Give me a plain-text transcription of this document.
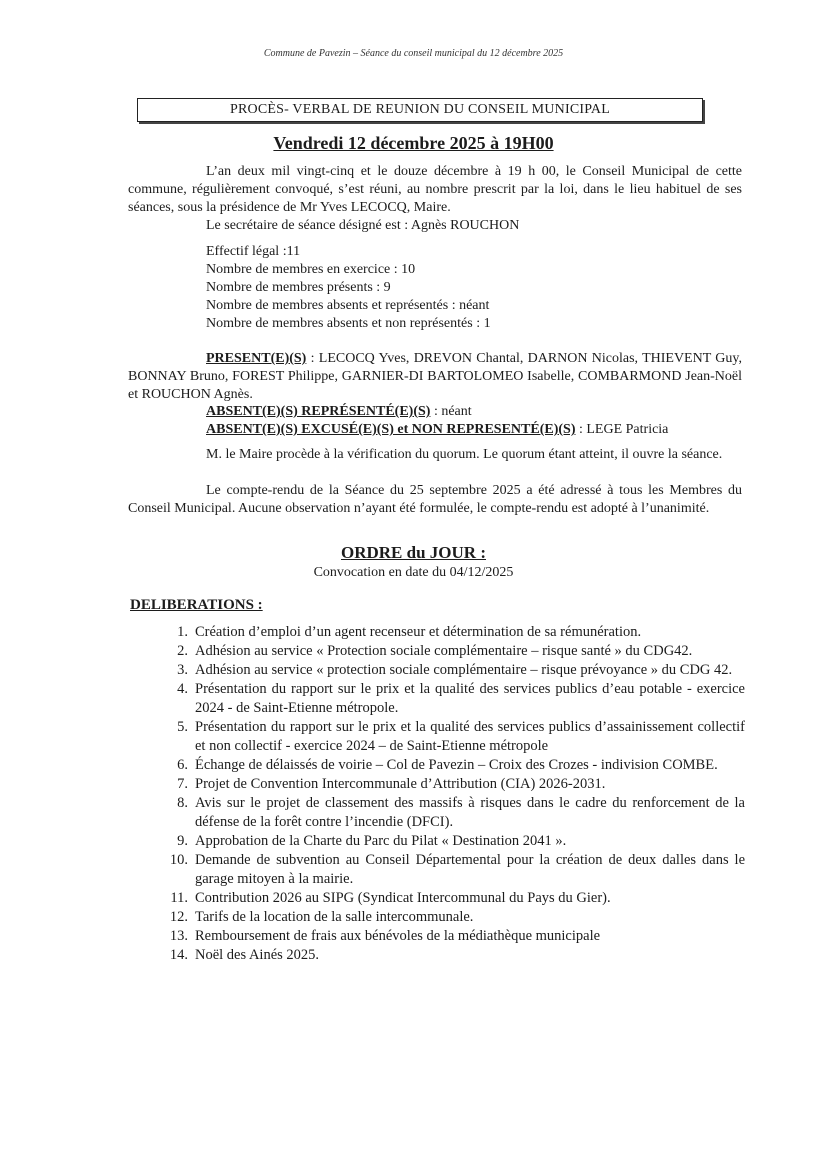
Commune de Pavezin – Séance du conseil municipal du 12 décembre 2025
PROCÈS- VERBAL DE REUNION DU CONSEIL MUNICIPAL
Vendredi 12 décembre 2025 à 19H00
L’an deux mil vingt-cinq et le douze décembre à 19 h 00, le Conseil Municipal de cette commune, régulièrement convoqué, s’est réuni, au nombre prescrit par la loi, dans le lieu habituel de ses séances, sous la présidence de Mr Yves LECOCQ, Maire.
Le secrétaire de séance désigné est : Agnès ROUCHON
Effectif légal :11
Nombre de membres en exercice : 10
Nombre de membres présents : 9
Nombre de membres absents et représentés : néant
Nombre de membres absents et non représentés : 1
PRESENT(E)(S) : LECOCQ Yves, DREVON Chantal, DARNON Nicolas, THIEVENT Guy, BONNAY Bruno, FOREST Philippe, GARNIER-DI BARTOLOMEO Isabelle, COMBARMOND Jean-Noël et ROUCHON Agnès.
ABSENT(E)(S) REPRÉSENTÉ(E)(S) : néant
ABSENT(E)(S) EXCUSÉ(E)(S) et NON REPRESENTÉ(E)(S) : LEGE Patricia
M. le Maire procède à la vérification du quorum. Le quorum étant atteint, il ouvre la séance.
Le compte-rendu de la Séance du 25 septembre 2025 a été adressé à tous les Membres du Conseil Municipal. Aucune observation n’ayant été formulée, le compte-rendu est adopté à l’unanimité.
ORDRE du JOUR :
Convocation en date du 04/12/2025
DELIBERATIONS :
1. Création d’emploi d’un agent recenseur et détermination de sa rémunération.
2. Adhésion au service « Protection sociale complémentaire – risque santé » du CDG42.
3. Adhésion au service « protection sociale complémentaire – risque prévoyance » du CDG 42.
4. Présentation du rapport sur le prix et la qualité des services publics d’eau potable - exercice 2024 - de Saint-Etienne métropole.
5. Présentation du rapport sur le prix et la qualité des services publics d’assainissement collectif et non collectif - exercice 2024 – de Saint-Etienne métropole
6. Échange de délaissés de voirie – Col de Pavezin – Croix des Crozes - indivision COMBE.
7. Projet de Convention Intercommunale d’Attribution (CIA) 2026-2031.
8. Avis sur le projet de classement des massifs à risques dans le cadre du renforcement de la défense de la forêt contre l’incendie (DFCI).
9. Approbation de la Charte du Parc du Pilat « Destination 2041 ».
10. Demande de subvention au Conseil Départemental pour la création de deux dalles dans le garage mitoyen à la mairie.
11. Contribution 2026 au SIPG (Syndicat Intercommunal du Pays du Gier).
12. Tarifs de la location de la salle intercommunale.
13. Remboursement de frais aux bénévoles de la médiathèque municipale
14. Noël des Ainés 2025.
